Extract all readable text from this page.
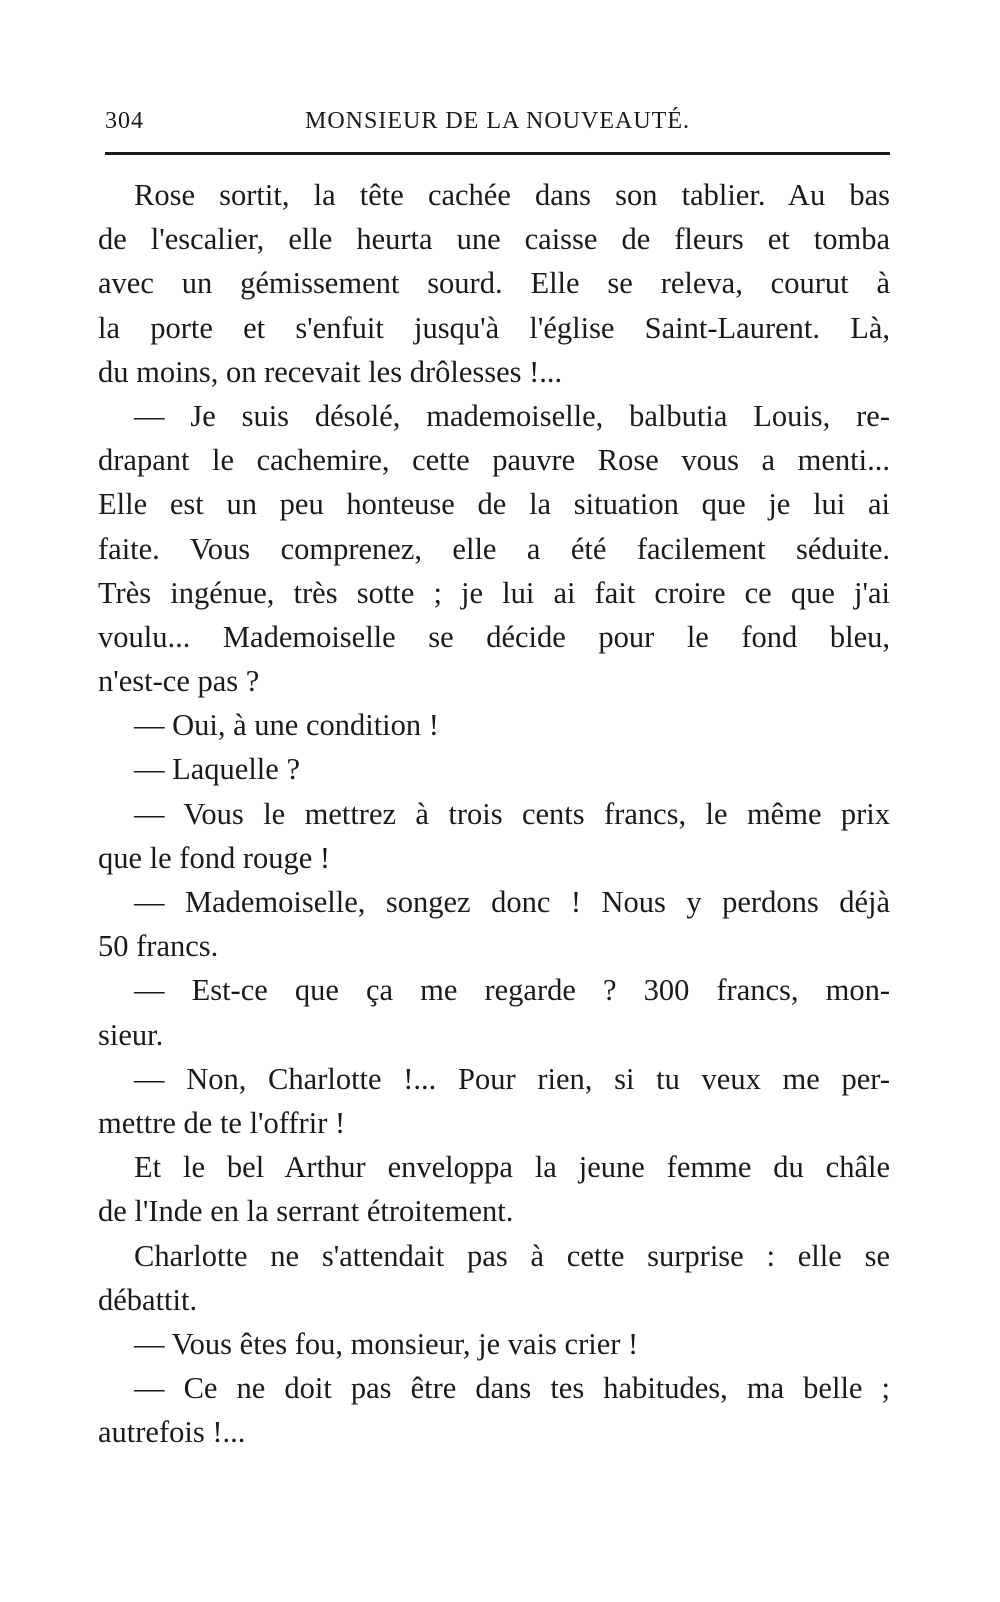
304	MONSIEUR DE LA NOUVEAUTÉ.
Rose sortit, la tête cachée dans son tablier. Au bas
de l'escalier, elle heurta une caisse de fleurs et tomba
avec un gémissement sourd. Elle se releva, courut à
la porte et s'enfuit jusqu'à l'église Saint-Laurent. Là,
du moins, on recevait les drôlesses !...
— Je suis désolé, mademoiselle, balbutia Louis, re-
drapant le cachemire, cette pauvre Rose vous a menti...
Elle est un peu honteuse de la situation que je lui ai
faite. Vous comprenez, elle a été facilement séduite.
Très ingénue, très sotte ; je lui ai fait croire ce que j'ai
voulu... Mademoiselle se décide pour le fond bleu,
n'est-ce pas ?
— Oui, à une condition !
— Laquelle ?
— Vous le mettrez à trois cents francs, le même prix
que le fond rouge !
— Mademoiselle, songez donc ! Nous y perdons déjà
50 francs.
— Est-ce que ça me regarde ? 300 francs, mon-
sieur.
— Non, Charlotte !... Pour rien, si tu veux me per-
mettre de te l'offrir !
Et le bel Arthur enveloppa la jeune femme du châle
de l'Inde en la serrant étroitement.
Charlotte ne s'attendait pas à cette surprise : elle se
débattit.
— Vous êtes fou, monsieur, je vais crier !
— Ce ne doit pas être dans tes habitudes, ma belle ;
autrefois !...
